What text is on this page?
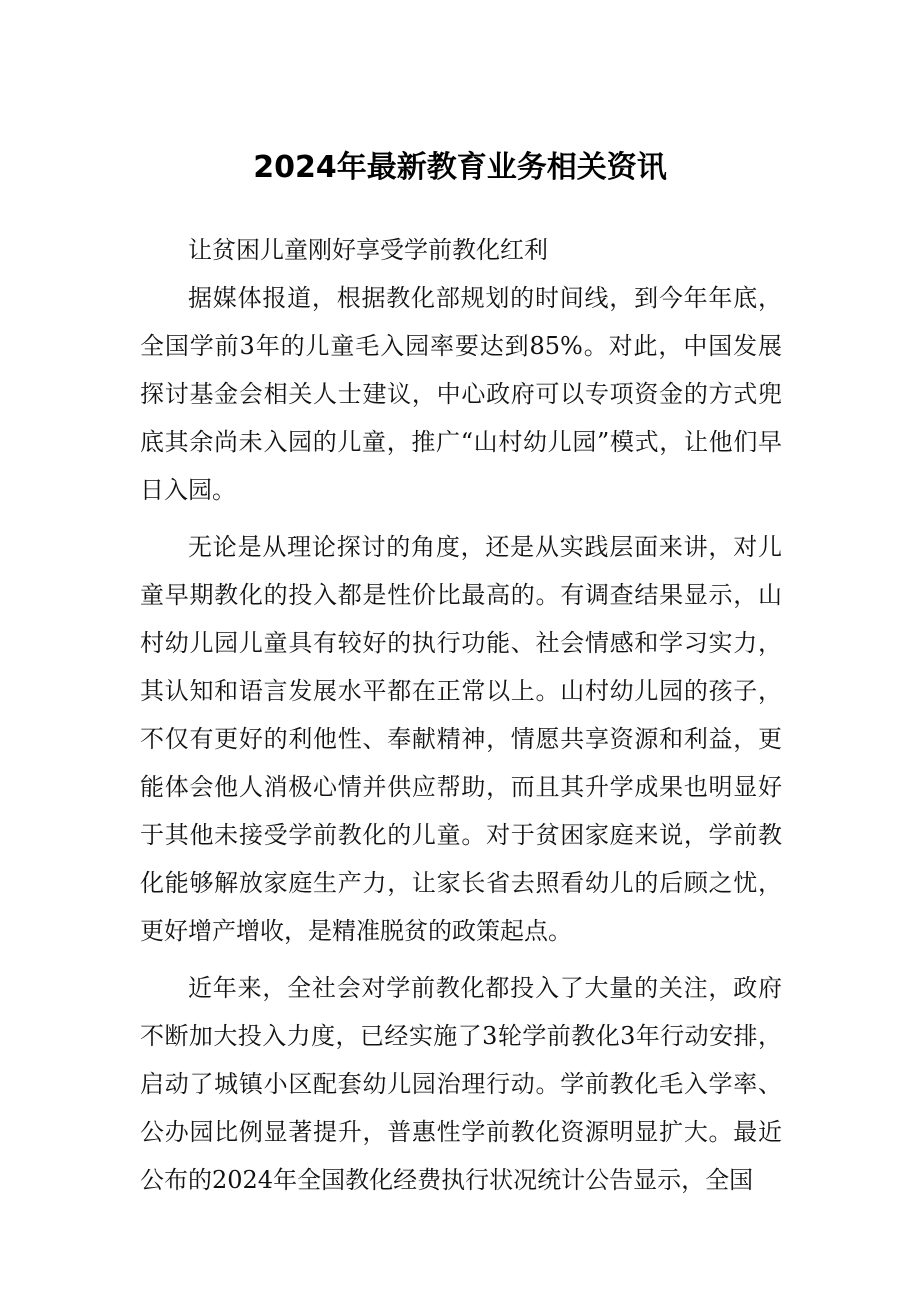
2024年最新教育业务相关资讯

让贫困儿童刚好享受学前教化红利

据媒体报道，根据教化部规划的时间线，到今年年底，全国学前3年的儿童毛入园率要达到85%。对此，中国发展探讨基金会相关人士建议，中心政府可以专项资金的方式兜底其余尚未入园的儿童，推广“山村幼儿园”模式，让他们早日入园。

无论是从理论探讨的角度，还是从实践层面来讲，对儿童早期教化的投入都是性价比最高的。有调查结果显示，山村幼儿园儿童具有较好的执行功能、社会情感和学习实力，其认知和语言发展水平都在正常以上。山村幼儿园的孩子，不仅有更好的利他性、奉献精神，情愿共享资源和利益，更能体会他人消极心情并供应帮助，而且其升学成果也明显好于其他未接受学前教化的儿童。对于贫困家庭来说，学前教化能够解放家庭生产力，让家长省去照看幼儿的后顾之忧，更好增产增收，是精准脱贫的政策起点。

近年来，全社会对学前教化都投入了大量的关注，政府不断加大投入力度，已经实施了3轮学前教化3年行动安排，启动了城镇小区配套幼儿园治理行动。学前教化毛入学率、公办园比例显著提升，普惠性学前教化资源明显扩大。最近公布的2024年全国教化经费执行状况统计公告显示，全国
